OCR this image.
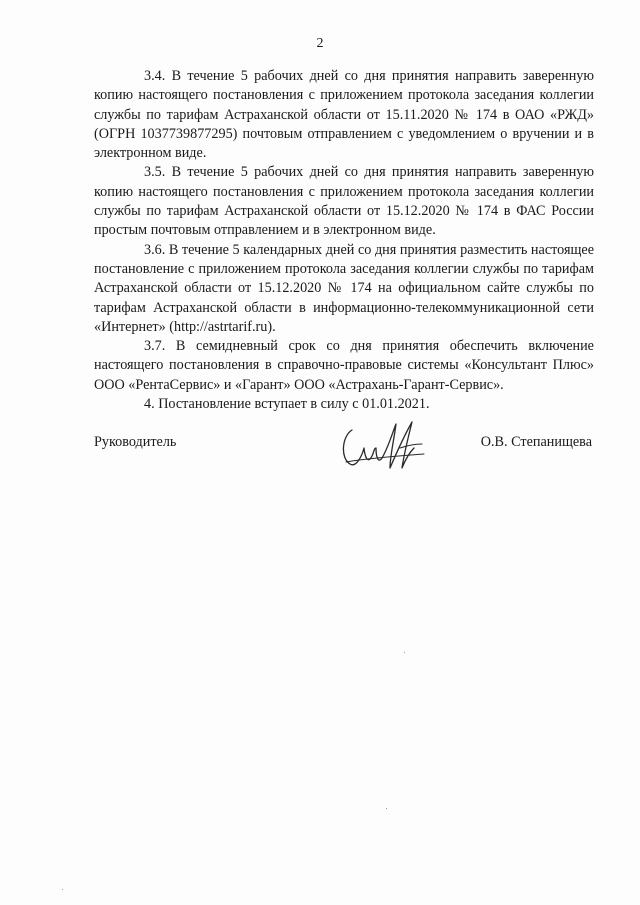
2

3.4. В течение 5 рабочих дней со дня принятия направить заверенную копию настоящего постановления с приложением протокола заседания коллегии службы по тарифам Астраханской области от 15.11.2020 № 174 в ОАО «РЖД» (ОГРН 1037739877295) почтовым отправлением с уведомлением о вручении и в электронном виде.

3.5. В течение 5 рабочих дней со дня принятия направить заверенную копию настоящего постановления с приложением протокола заседания коллегии службы по тарифам Астраханской области от 15.12.2020 № 174 в ФАС России простым почтовым отправлением и в электронном виде.

3.6. В течение 5 календарных дней со дня принятия разместить настоящее постановление с приложением протокола заседания коллегии службы по тарифам Астраханской области от 15.12.2020 № 174 на официальном сайте службы по тарифам Астраханской области в информационно-телекоммуникационной сети «Интернет» (http://astrtarif.ru).

3.7. В семидневный срок со дня принятия обеспечить включение настоящего постановления в справочно-правовые системы «Консультант Плюс» ООО «РентаСервис» и «Гарант» ООО «Астрахань-Гарант-Сервис».

4. Постановление вступает в силу с 01.01.2021.

Руководитель	О.В. Степанищева
